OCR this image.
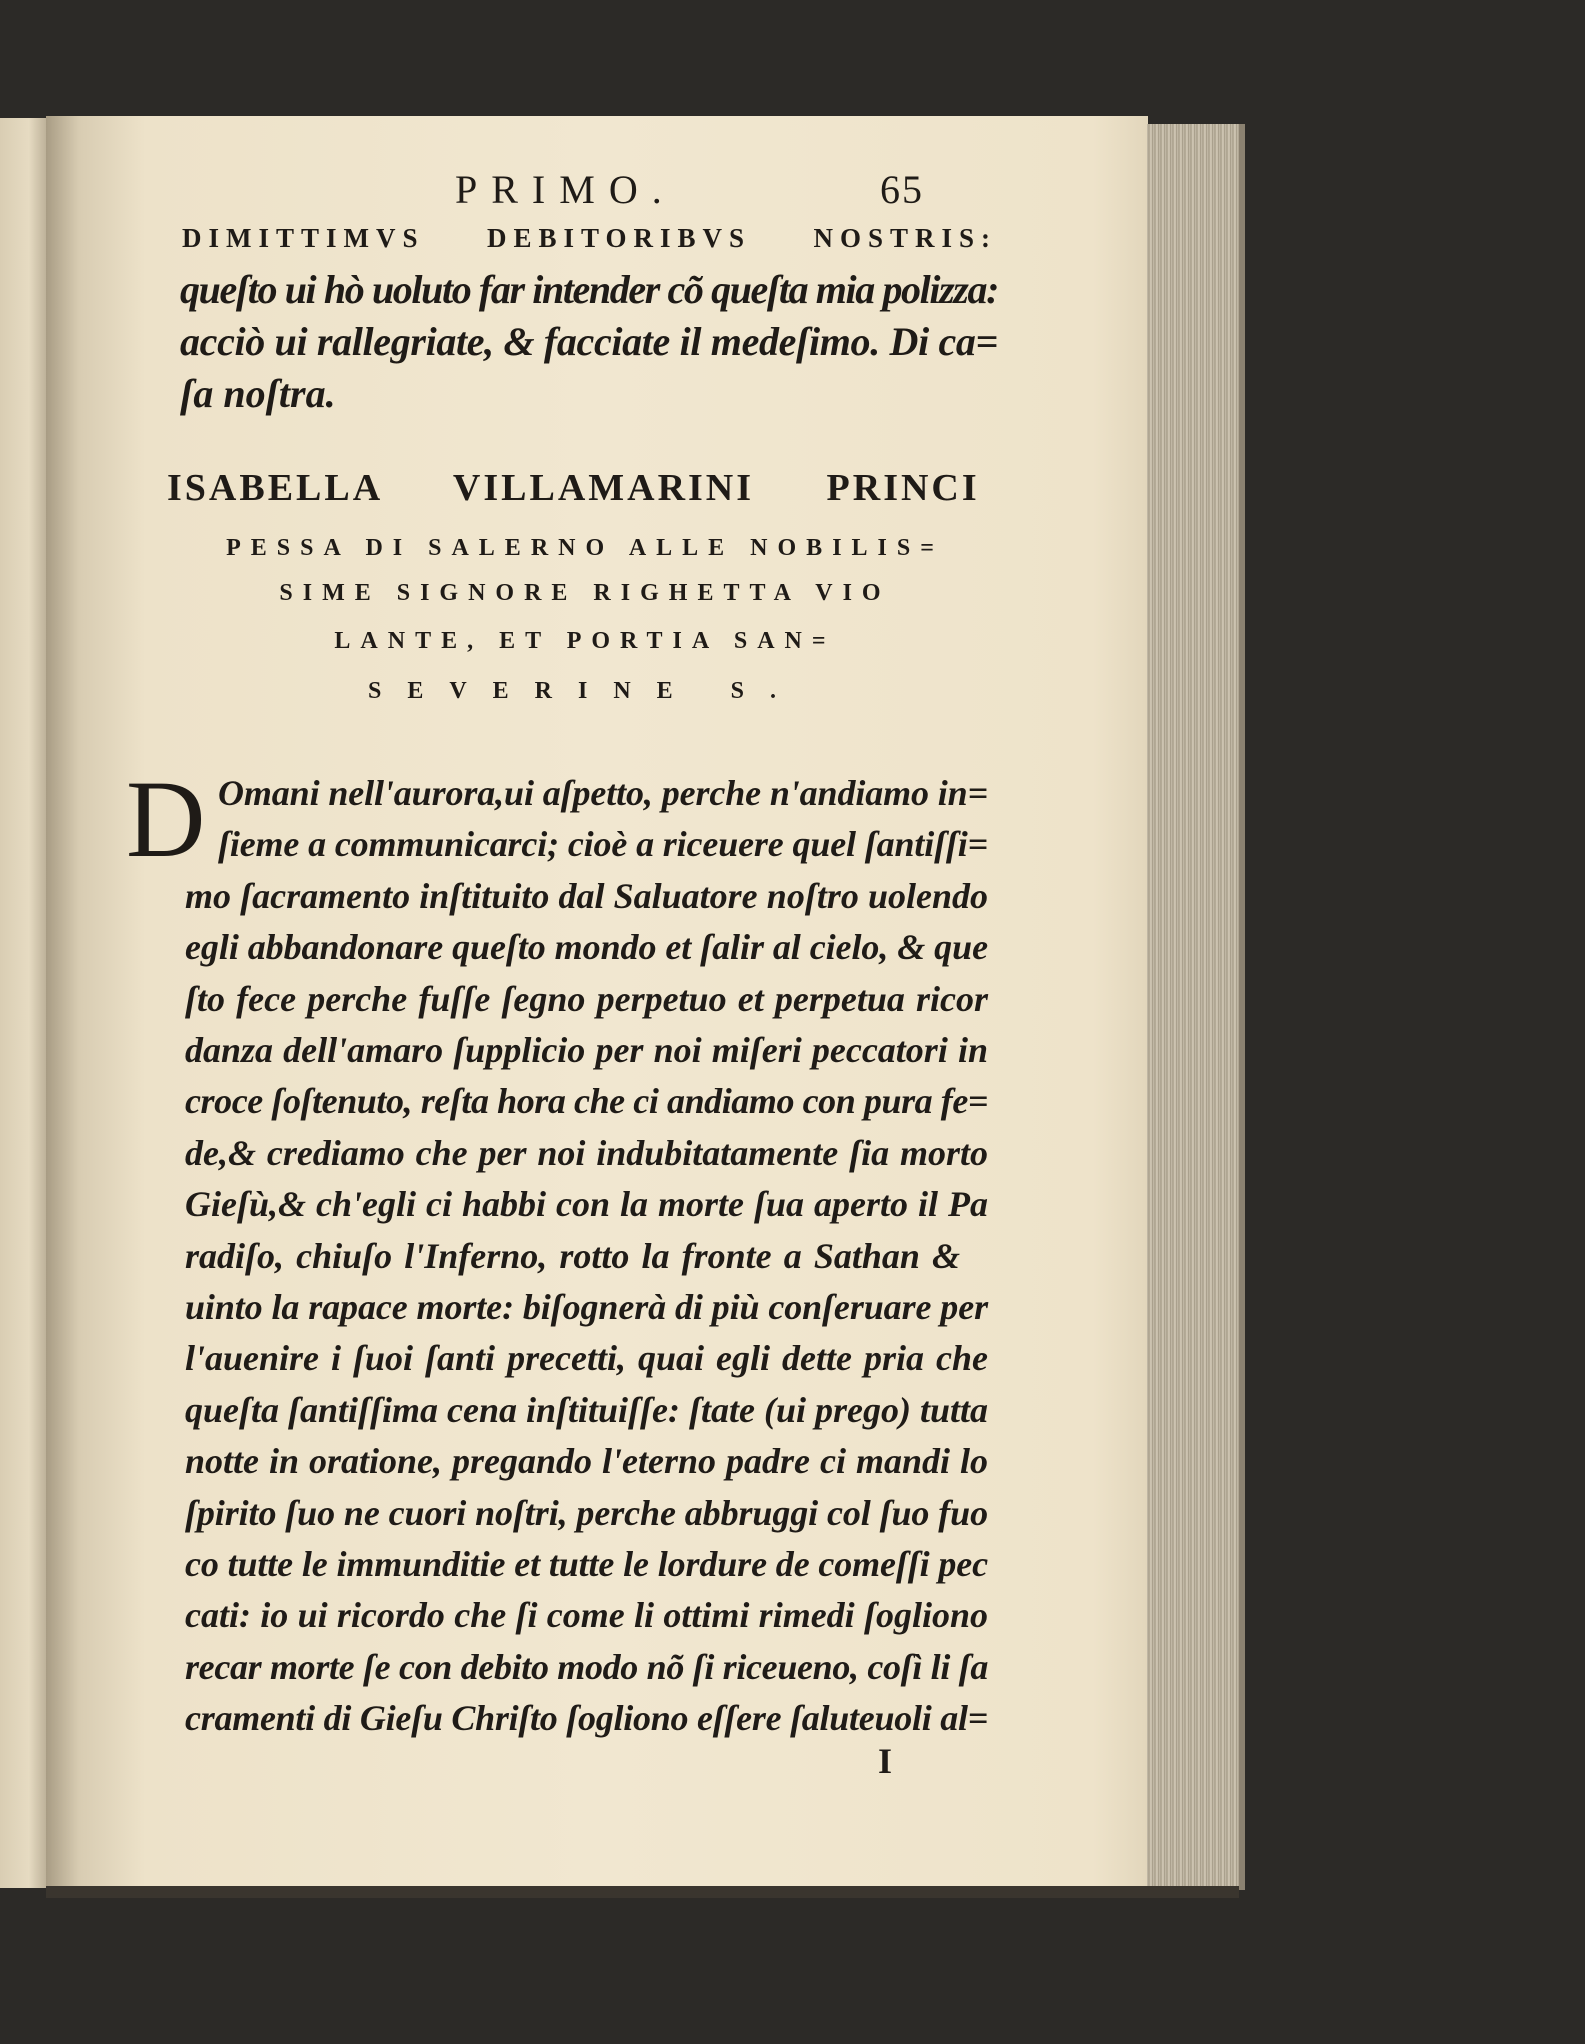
PRIMO.	65
DIMITTIMVS DEBITORIBVS NOSTRIS:
queſto ui hò uoluto far intender cõ queſta mia polizza:
acciò ui rallegriate, & facciate il medeſimo. Di ca=
ſa noſtra.
ISABELLA VILLAMARINI PRINCI
PESSA DI SALERNO ALLE NOBILIS=
SIME SIGNORE RIGHETTA VIO
LANTE, ET PORTIA SAN=
SEVERINE S.
D Omani nell'aurora,ui aſpetto, perche n'andiamo in=
ſieme a communicarci; cioè a riceuere quel ſantiſſi=
mo ſacramento inſtituito dal Saluatore noſtro uolendo
egli abbandonare queſto mondo et ſalir al cielo, & que
ſto fece perche fuſſe ſegno perpetuo et perpetua ricor
danza dell'amaro ſupplicio per noi miſeri peccatori in
croce ſoſtenuto, reſta hora che ci andiamo con pura fe=
de,& crediamo che per noi indubitatamente ſia morto
Gieſù,& ch'egli ci habbi con la morte ſua aperto il Pa
radiſo, chiuſo l'Inferno, rotto la fronte a Sathan &
uinto la rapace morte: biſognerà di più conſeruare per
l'auenire i ſuoi ſanti precetti, quai egli dette pria che
queſta ſantiſſima cena inſtituiſſe: ſtate (ui prego) tutta
notte in oratione, pregando l'eterno padre ci mandi lo
ſpirito ſuo ne cuori noſtri, perche abbruggi col ſuo fuo
co tutte le immunditie et tutte le lordure de comeſſi pec
cati: io ui ricordo che ſi come li ottimi rimedi ſogliono
recar morte ſe con debito modo nõ ſi riceueno, coſì li ſa
cramenti di Gieſu Chriſto ſogliono eſſere ſaluteuoli al=
I
